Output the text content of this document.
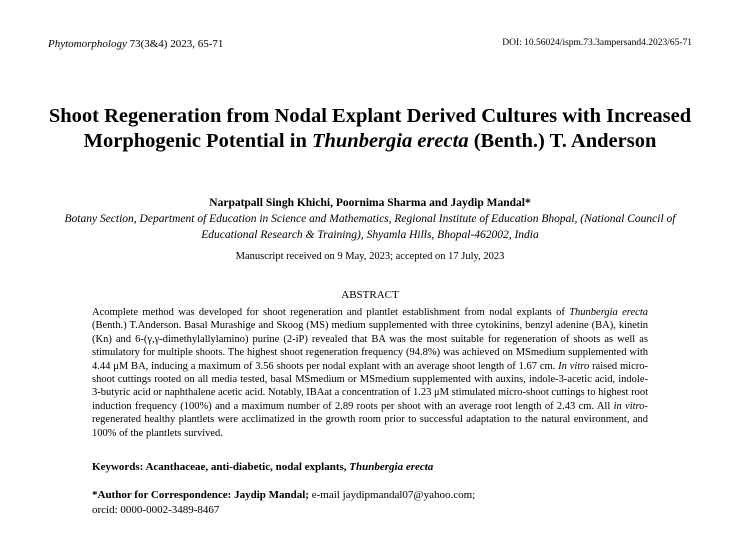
Phytomorphology 73(3&4) 2023, 65-71	DOI: 10.56024/ispm.73.3ampersand4.2023/65-71
Shoot Regeneration from Nodal Explant Derived Cultures with Increased Morphogenic Potential in Thunbergia erecta (Benth.) T. Anderson
Narpatpall Singh Khichi, Poornima Sharma and Jaydip Mandal*
Botany Section, Department of Education in Science and Mathematics, Regional Institute of Education Bhopal, (National Council of Educational Research & Training), Shyamla Hills, Bhopal-462002, India
Manuscript received on 9 May, 2023; accepted on 17 July, 2023
ABSTRACT
Acomplete method was developed for shoot regeneration and plantlet establishment from nodal explants of Thunbergia erecta (Benth.) T.Anderson. Basal Murashige and Skoog (MS) medium supplemented with three cytokinins, benzyl adenine (BA), kinetin (Kn) and 6-(γ,γ-dimethylallylamino) purine (2-iP) revealed that BA was the most suitable for regeneration of shoots as well as stimulatory for multiple shoots. The highest shoot regeneration frequency (94.8%) was achieved on MSmedium supplemented with 4.44 μM BA, inducing a maximum of 3.56 shoots per nodal explant with an average shoot length of 1.67 cm. In vitro raised micro-shoot cuttings rooted on all media tested, basal MSmedium or MSmedium supplemented with auxins, indole-3-acetic acid, indole-3-butyric acid or naphthalene acetic acid. Notably, IBAat a concentration of 1.23 μM stimulated micro-shoot cuttings to highest root induction frequency (100%) and a maximum number of 2.89 roots per shoot with an average root length of 2.43 cm. All in vitro-regenerated healthy plantlets were acclimatized in the growth room prior to successful adaptation to the natural environment, and 100% of the plantlets survived.
Keywords: Acanthaceae, anti-diabetic, nodal explants, Thunbergia erecta
*Author for Correspondence: Jaydip Mandal; e-mail jaydipmandal07@yahoo.com;
orcid: 0000-0002-3489-8467
